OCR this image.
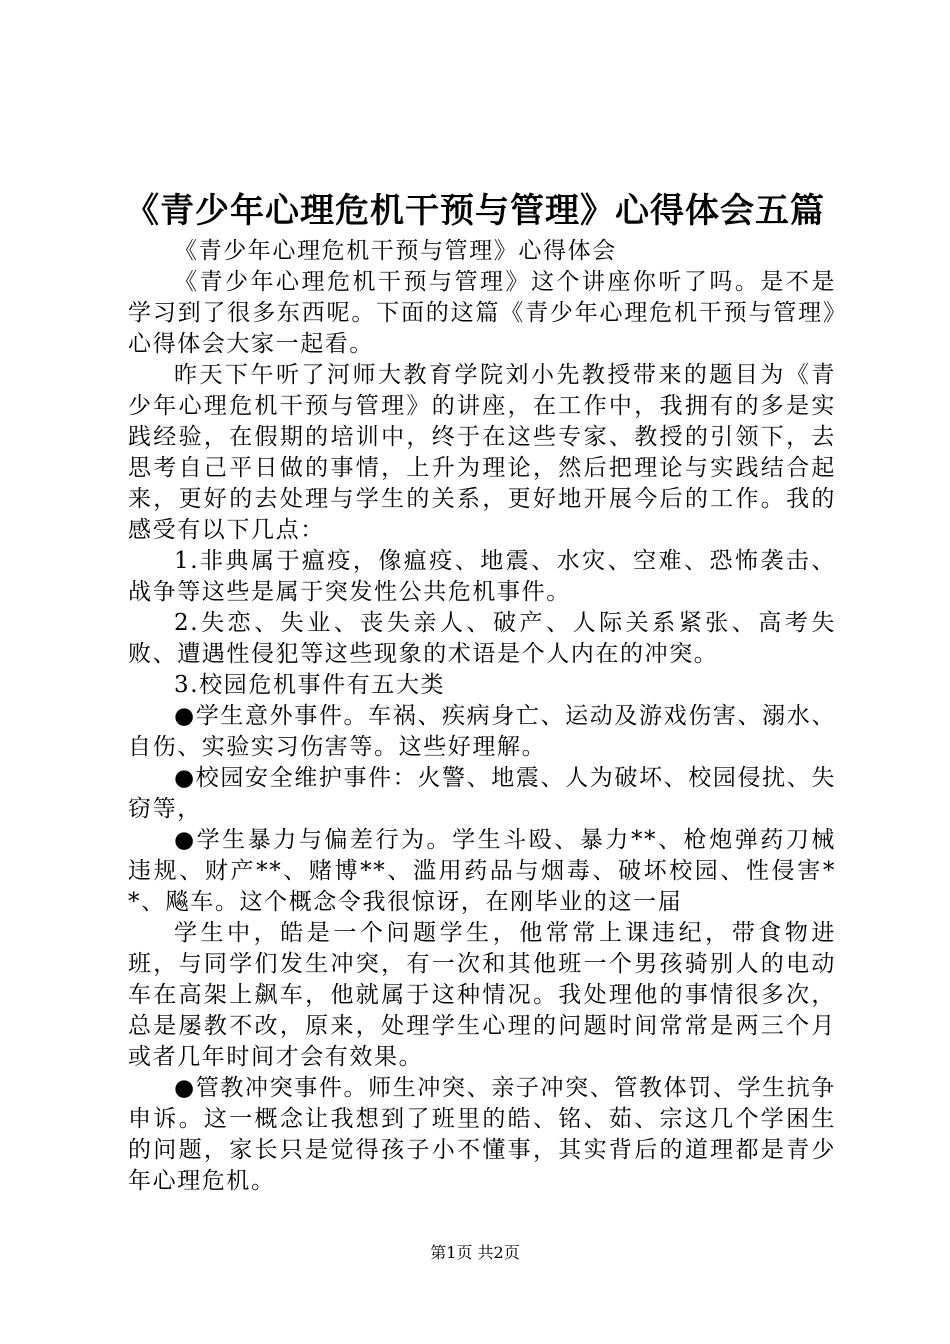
《青少年心理危机干预与管理》心得体会五篇

《青少年心理危机干预与管理》心得体会

《青少年心理危机干预与管理》这个讲座你听了吗。是不是学习到了很多东西呢。下面的这篇《青少年心理危机干预与管理》心得体会大家一起看。

昨天下午听了河师大教育学院刘小先教授带来的题目为《青少年心理危机干预与管理》的讲座，在工作中，我拥有的多是实践经验，在假期的培训中，终于在这些专家、教授的引领下，去思考自己平日做的事情，上升为理论，然后把理论与实践结合起来，更好的去处理与学生的关系，更好地开展今后的工作。我的感受有以下几点：

1.非典属于瘟疫，像瘟疫、地震、水灾、空难、恐怖袭击、战争等这些是属于突发性公共危机事件。

2.失恋、失业、丧失亲人、破产、人际关系紧张、高考失败、遭遇性侵犯等这些现象的术语是个人内在的冲突。

3.校园危机事件有五大类

●学生意外事件。车祸、疾病身亡、运动及游戏伤害、溺水、自伤、实验实习伤害等。这些好理解。

●校园安全维护事件：火警、地震、人为破坏、校园侵扰、失窃等，

●学生暴力与偏差行为。学生斗殴、暴力**、枪炮弹药刀械违规、财产**、赌博**、滥用药品与烟毒、破坏校园、性侵害**、飚车。这个概念令我很惊讶，在刚毕业的这一届

学生中，皓是一个问题学生，他常常上课违纪，带食物进班，与同学们发生冲突，有一次和其他班一个男孩骑别人的电动车在高架上飙车，他就属于这种情况。我处理他的事情很多次，总是屡教不改，原来，处理学生心理的问题时间常常是两三个月或者几年时间才会有效果。

●管教冲突事件。师生冲突、亲子冲突、管教体罚、学生抗争申诉。这一概念让我想到了班里的皓、铭、茹、宗这几个学困生的问题，家长只是觉得孩子小不懂事，其实背后的道理都是青少年心理危机。

第1页 共2页
